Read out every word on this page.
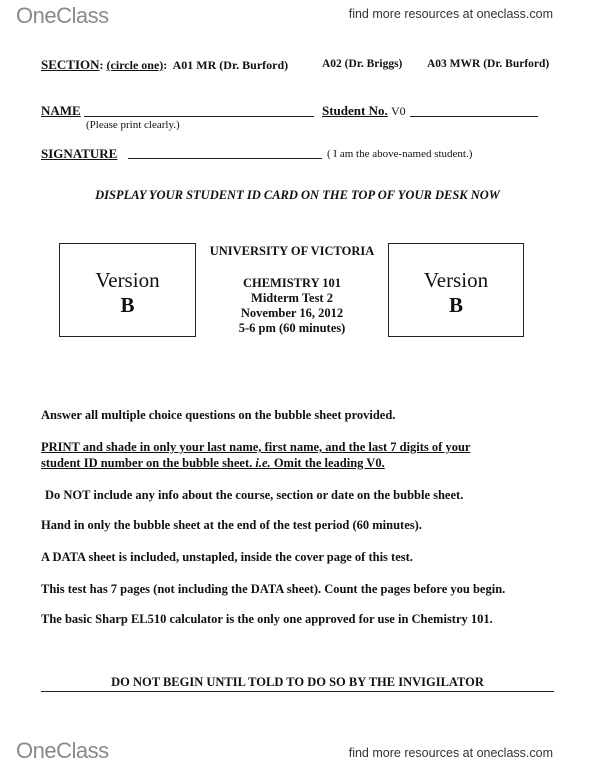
OneClass	find more resources at oneclass.com
SECTION: (circle one):  A01 MR (Dr. Burford)	A02 (Dr. Briggs) A03 MWR (Dr. Burford)
NAME
(Please print clearly.)
Student No. V0
SIGNATURE	( I am the above-named student.)
DISPLAY YOUR STUDENT ID CARD ON THE TOP OF YOUR DESK NOW
Version
B
Version
B
UNIVERSITY OF VICTORIA
CHEMISTRY 101
Midterm Test 2
November 16, 2012
5-6 pm (60 minutes)
Answer all multiple choice questions on the bubble sheet provided.
PRINT and shade in only your last name, first name, and the last 7 digits of your
student ID number on the bubble sheet. i.e. Omit the leading V0.
Do NOT include any info about the course, section or date on the bubble sheet.
Hand in only the bubble sheet at the end of the test period (60 minutes).
A DATA sheet is included, unstapled, inside the cover page of this test.
This test has 7 pages (not including the DATA sheet). Count the pages before you begin.
The basic Sharp EL510 calculator is the only one approved for use in Chemistry 101.
DO NOT BEGIN UNTIL TOLD TO DO SO BY THE INVIGILATOR
OneClass	find more resources at oneclass.com
